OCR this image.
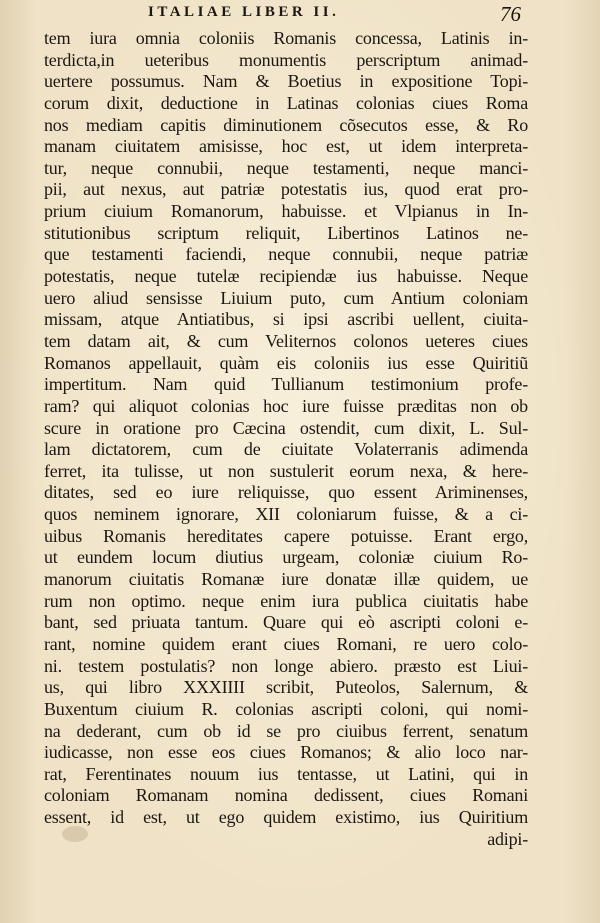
ITALIAE LIBER II.	76
tem iura omnia coloniis Romanis concessa, Latinis in-
terdicta,in ueteribus monumentis perscriptum animad-
uertere possumus. Nam & Boetius in expositione Topi-
corum dixit, deductione in Latinas colonias ciues Roma
nos mediam capitis diminutionem cõsecutos esse, & Ro
manam ciuitatem amisisse, hoc est, ut idem interpreta-
tur, neque connubii, neque testamenti, neque manci-
pii, aut nexus, aut patriæ potestatis ius, quod erat pro-
prium ciuium Romanorum, habuisse. et Vlpianus in In-
stitutionibus scriptum reliquit, Libertinos Latinos ne-
que testamenti faciendi, neque connubii, neque patriæ
potestatis, neque tutelæ recipiendæ ius habuisse. Neque
uero aliud sensisse Liuium puto, cum Antium coloniam
missam, atque Antiatibus, si ipsi ascribi uellent, ciuita-
tem datam ait, & cum Veliternos colonos ueteres ciues
Romanos appellauit, quàm eis coloniis ius esse Quiritiũ
impertitum. Nam quid Tullianum testimonium profe-
ram? qui aliquot colonias hoc iure fuisse præditas non ob
scure in oratione pro Cæcina ostendit, cum dixit, L. Sul-
lam dictatorem, cum de ciuitate Volaterranis adimenda
ferret, ita tulisse, ut non sustulerit eorum nexa, & here-
ditates, sed eo iure reliquisse, quo essent Ariminenses,
quos neminem ignorare, XII coloniarum fuisse, & a ci-
uibus Romanis hereditates capere potuisse. Erant ergo,
ut eundem locum diutius urgeam, coloniæ ciuium Ro-
manorum ciuitatis Romanæ iure donatæ illæ quidem, ue
rum non optimo. neque enim iura publica ciuitatis habe
bant, sed priuata tantum. Quare qui eò ascripti coloni e-
rant, nomine quidem erant ciues Romani, re uero colo-
ni. testem postulatis? non longe abiero. præsto est Liui-
us, qui libro XXXIIII scribit, Puteolos, Salernum, &
Buxentum ciuium R. colonias ascripti coloni, qui nomi-
na dederant, cum ob id se pro ciuibus ferrent, senatum
iudicasse, non esse eos ciues Romanos; & alio loco nar-
rat, Ferentinates nouum ius tentasse, ut Latini, qui in
coloniam Romanam nomina dedissent, ciues Romani
essent, id est, ut ego quidem existimo, ius Quiritium
adipi-
